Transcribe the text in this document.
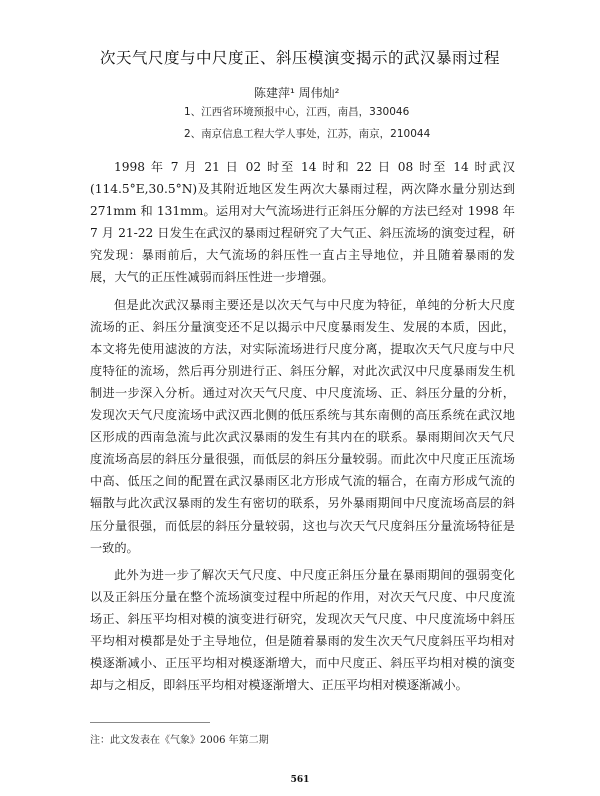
次天气尺度与中尺度正、斜压模演变揭示的武汉暴雨过程
陈建萍¹ 周伟灿²
1、江西省环境预报中心，江西，南昌，330046
2、南京信息工程大学人事处，江苏，南京，210044

1998 年 7 月 21 日 02 时至 14 时和 22 日 08 时至 14 时武汉(114.5°E,30.5°N)及其附近地区发生两次大暴雨过程，两次降水量分别达到 271mm 和 131mm。运用对大气流场进行正斜压分解的方法已经对 1998 年 7 月 21-22 日发生在武汉的暴雨过程研究了大气正、斜压流场的演变过程，研究发现：暴雨前后，大气流场的斜压性一直占主导地位，并且随着暴雨的发展，大气的正压性减弱而斜压性进一步增强。

但是此次武汉暴雨主要还是以次天气与中尺度为特征，单纯的分析大尺度流场的正、斜压分量演变还不足以揭示中尺度暴雨发生、发展的本质，因此，本文将先使用滤波的方法，对实际流场进行尺度分离，提取次天气尺度与中尺度特征的流场，然后再分别进行正、斜压分解，对此次武汉中尺度暴雨发生机制进一步深入分析。通过对次天气尺度、中尺度流场、正、斜压分量的分析，发现次天气尺度流场中武汉西北侧的低压系统与其东南侧的高压系统在武汉地区形成的西南急流与此次武汉暴雨的发生有其内在的联系。暴雨期间次天气尺度流场高层的斜压分量很强，而低层的斜压分量较弱。而此次中尺度正压流场中高、低压之间的配置在武汉暴雨区北方形成气流的辐合，在南方形成气流的辐散与此次武汉暴雨的发生有密切的联系，另外暴雨期间中尺度流场高层的斜压分量很强，而低层的斜压分量较弱，这也与次天气尺度斜压分量流场特征是一致的。

此外为进一步了解次天气尺度、中尺度正斜压分量在暴雨期间的强弱变化以及正斜压分量在整个流场演变过程中所起的作用，对次天气尺度、中尺度流场正、斜压平均相对模的演变进行研究，发现次天气尺度、中尺度流场中斜压平均相对模都是处于主导地位，但是随着暴雨的发生次天气尺度斜压平均相对模逐渐减小、正压平均相对模逐渐增大，而中尺度正、斜压平均相对模的演变却与之相反，即斜压平均相对模逐渐增大、正压平均相对模逐渐减小。

注：此文发表在《气象》2006 年第二期
561
